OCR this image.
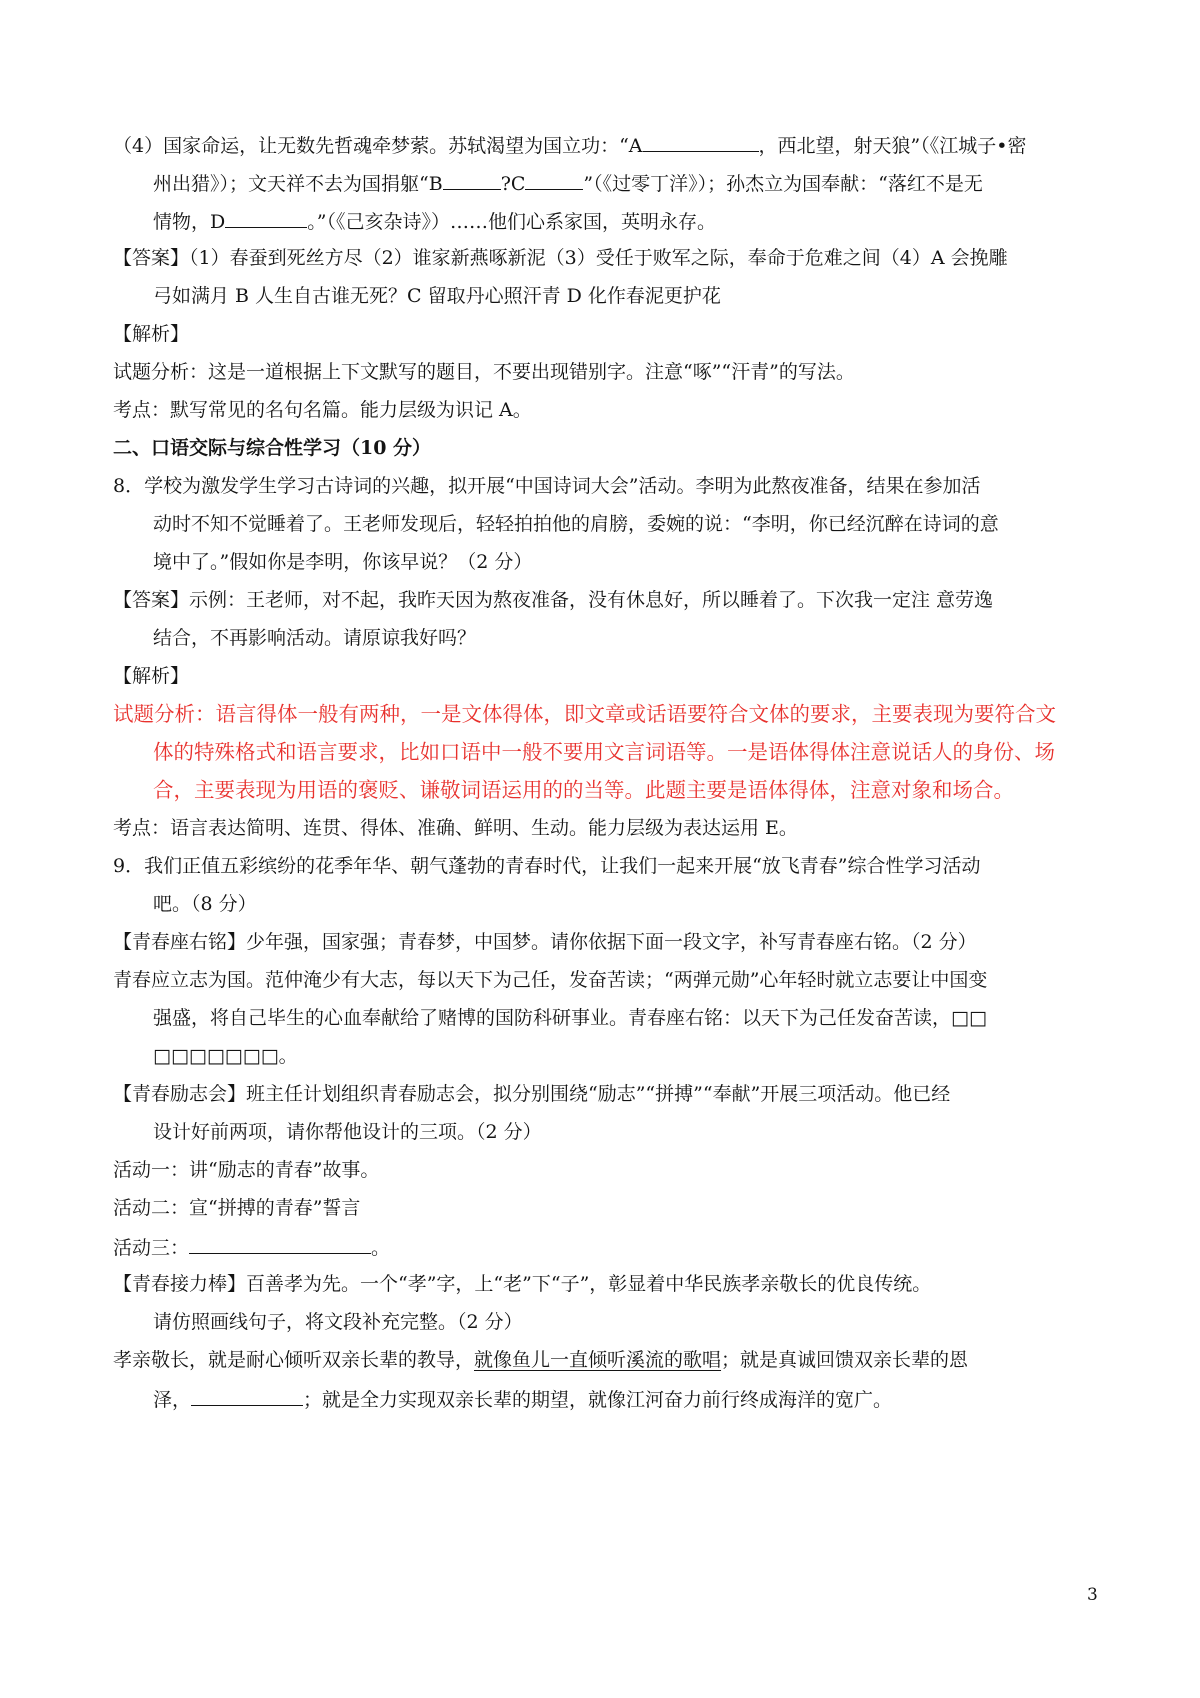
（4）国家命运，让无数先哲魂牵梦萦。苏轼渴望为国立功：“A	，西北望，射天狼”（《江城子•密

州出猎》）；文天祥不去为国捐躯“B	?C	”（《过零丁洋》）；孙杰立为国奉献：“落红不是无

情物，D	。”（《己亥杂诗》）……他们心系家国，英明永存。

【答案】（1）春蚕到死丝方尽（2）谁家新燕啄新泥（3）受任于败军之际，奉命于危难之间（4）A 会挽雕

弓如满月 B 人生自古谁无死？C 留取丹心照汗青 D 化作春泥更护花

【解析】

试题分析：这是一道根据上下文默写的题目，不要出现错别字。注意“啄”“汗青”的写法。

考点：默写常见的名句名篇。能力层级为识记 A。

二、口语交际与综合性学习（10 分）

8．学校为激发学生学习古诗词的兴趣，拟开展“中国诗词大会”活动。李明为此熬夜准备，结果在参加活

动时不知不觉睡着了。王老师发现后，轻轻拍拍他的肩膀，委婉的说：“李明，你已经沉醉在诗词的意

境中了。”假如你是李明，你该早说？（2 分）

【答案】示例：王老师，对不起，我昨天因为熬夜准备，没有休息好，所以睡着了。下次我一定注 意劳逸

结合，不再影响活动。请原谅我好吗？

【解析】

试题分析：语言得体一般有两种，一是文体得体，即文章或话语要符合文体的要求，主要表现为要符合文

体的特殊格式和语言要求，比如口语中一般不要用文言词语等。一是语体得体注意说话人的身份、场

合，主要表现为用语的褒贬、谦敬词语运用的的当等。此题主要是语体得体，注意对象和场合。

考点：语言表达简明、连贯、得体、准确、鲜明、生动。能力层级为表达运用 E。

9．我们正值五彩缤纷的花季年华、朝气蓬勃的青春时代，让我们一起来开展“放飞青春”综合性学习活动

吧。（8 分）

【青春座右铭】少年强，国家强；青春梦，中国梦。请你依据下面一段文字，补写青春座右铭。（2 分）

青春应立志为国。范仲淹少有大志，每以天下为己任，发奋苦读；“两弹元勋”心年轻时就立志要让中国变

强盛，将自己毕生的心血奉献给了赌博的国防科研事业。青春座右铭：以天下为己任发奋苦读，□□

□□□□□□□。

【青春励志会】班主任计划组织青春励志会，拟分别围绕“励志”“拼搏”“奉献”开展三项活动。他已经

设计好前两项，请你帮他设计的三项。（2 分）

活动一：讲“励志的青春”故事。

活动二：宣“拼搏的青春”誓言

活动三：	。

【青春接力棒】百善孝为先。一个“孝”字，上“老”下“子”，彰显着中华民族孝亲敬长的优良传统。

请仿照画线句子，将文段补充完整。（2 分）

孝亲敬长，就是耐心倾听双亲长辈的教导，就像鱼儿一直倾听溪流的歌唱；就是真诚回馈双亲长辈的恩

泽，	；就是全力实现双亲长辈的期望，就像江河奋力前行终成海洋的宽广。

3
